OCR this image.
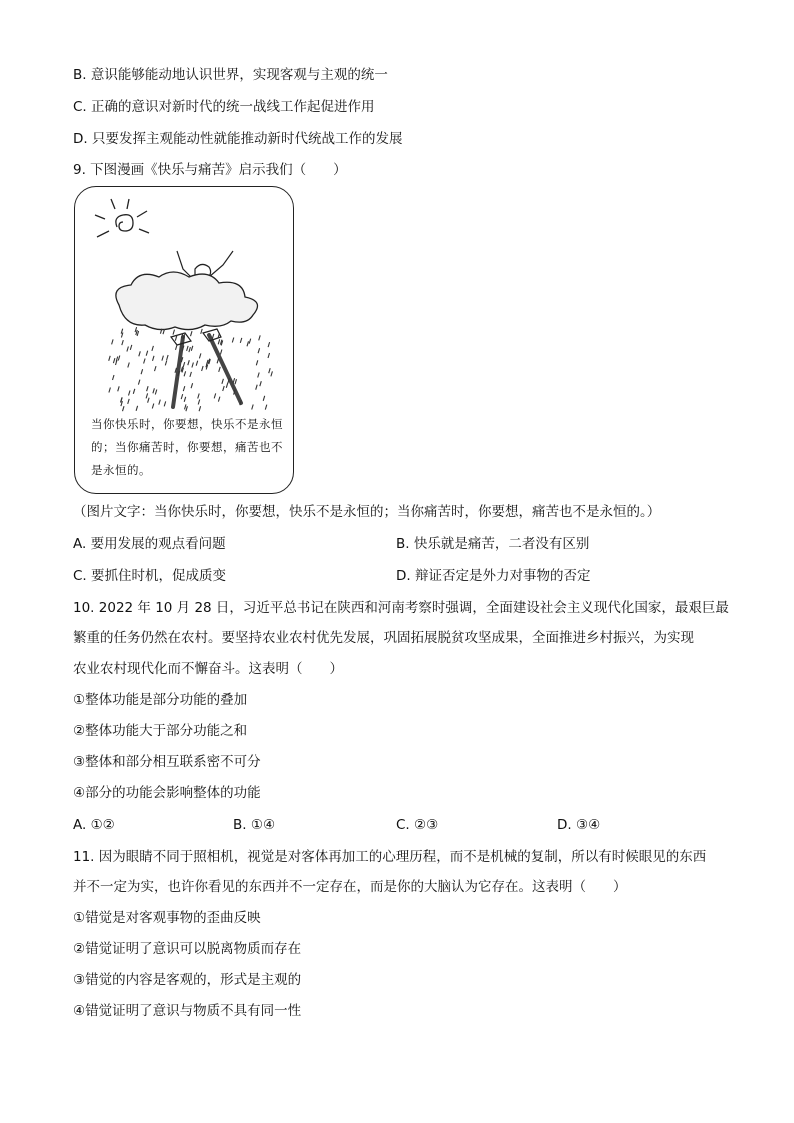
B. 意识能够能动地认识世界，实现客观与主观的统一
C. 正确的意识对新时代的统一战线工作起促进作用
D. 只要发挥主观能动性就能推动新时代统战工作的发展
9. 下图漫画《快乐与痛苦》启示我们（　　）
当你快乐时，你要想，快乐不是永恒的；当你痛苦时，你要想，痛苦也不是永恒的。
（图片文字：当你快乐时，你要想，快乐不是永恒的；当你痛苦时，你要想，痛苦也不是永恒的。）
A. 要用发展的观点看问题	B. 快乐就是痛苦，二者没有区别
C. 要抓住时机，促成质变	D. 辩证否定是外力对事物的否定
10. 2022 年 10 月 28 日，习近平总书记在陕西和河南考察时强调，全面建设社会主义现代化国家，最艰巨最
繁重的任务仍然在农村。要坚持农业农村优先发展，巩固拓展脱贫攻坚成果，全面推进乡村振兴，为实现
农业农村现代化而不懈奋斗。这表明（　　）
①整体功能是部分功能的叠加
②整体功能大于部分功能之和
③整体和部分相互联系密不可分
④部分的功能会影响整体的功能
A. ①②	B. ①④	C. ②③	D. ③④
11. 因为眼睛不同于照相机，视觉是对客体再加工的心理历程，而不是机械的复制，所以有时候眼见的东西
并不一定为实，也许你看见的东西并不一定存在，而是你的大脑认为它存在。这表明（　　）
①错觉是对客观事物的歪曲反映
②错觉证明了意识可以脱离物质而存在
③错觉的内容是客观的，形式是主观的
④错觉证明了意识与物质不具有同一性
